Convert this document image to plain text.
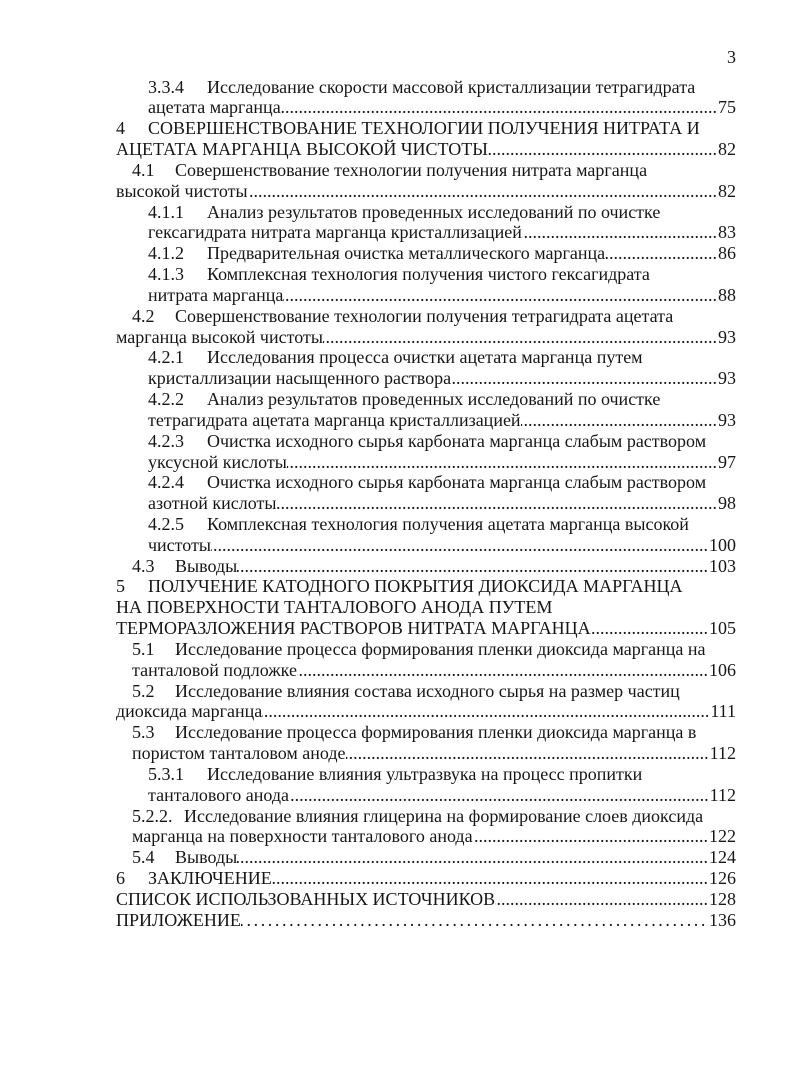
3
3.3.4 Исследование скорости массовой кристаллизации тетрагидрата
ацетата марганца .....	75
4 СОВЕРШЕНСТВОВАНИЕ ТЕХНОЛОГИИ ПОЛУЧЕНИЯ НИТРАТА И
АЦЕТАТА МАРГАНЦА ВЫСОКОЙ ЧИСТОТЫ .....	82
4.1 Совершенствование технологии получения нитрата марганца
высокой чистоты .....	82
4.1.1 Анализ результатов проведенных исследований по очистке
гексагидрата нитрата марганца кристаллизацией .....	83
4.1.2 Предварительная очистка металлического марганца .....	86
4.1.3 Комплексная технология получения чистого гексагидрата
нитрата марганца .....	88
4.2 Совершенствование технологии получения тетрагидрата ацетата
марганца высокой чистоты .....	93
4.2.1 Исследования процесса очистки ацетата марганца путем
кристаллизации насыщенного раствора .....	93
4.2.2 Анализ результатов проведенных исследований по очистке
тетрагидрата ацетата марганца кристаллизацией .....	93
4.2.3 Очистка исходного сырья карбоната марганца слабым раствором
уксусной кислоты .....	97
4.2.4 Очистка исходного сырья карбоната марганца слабым раствором
азотной кислоты .....	98
4.2.5 Комплексная технология получения ацетата марганца высокой
чистоты .....	100
4.3 Выводы .....	103
5 ПОЛУЧЕНИЕ КАТОДНОГО ПОКРЫТИЯ ДИОКСИДА МАРГАНЦА
НА ПОВЕРХНОСТИ ТАНТАЛОВОГО АНОДА ПУТЕМ
ТЕРМОРАЗЛОЖЕНИЯ РАСТВОРОВ НИТРАТА МАРГАНЦА .....	105
5.1 Исследование процесса формирования пленки диоксида марганца на
танталовой подложке .....	106
5.2 Исследование влияния состава исходного сырья на размер частиц
диоксида марганца .....	111
5.3 Исследование процесса формирования пленки диоксида марганца в
пористом танталовом аноде .....	112
5.3.1 Исследование влияния ультразвука на процесс пропитки
танталового анода .....	112
5.2.2. Исследование влияния глицерина на формирование слоев диоксида
марганца на поверхности танталового анода .....	122
5.4 Выводы .....	124
6 ЗАКЛЮЧЕНИЕ .....	126
СПИСОК ИСПОЛЬЗОВАННЫХ ИСТОЧНИКОВ .....	128
ПРИЛОЖЕНИЕ .....	136
